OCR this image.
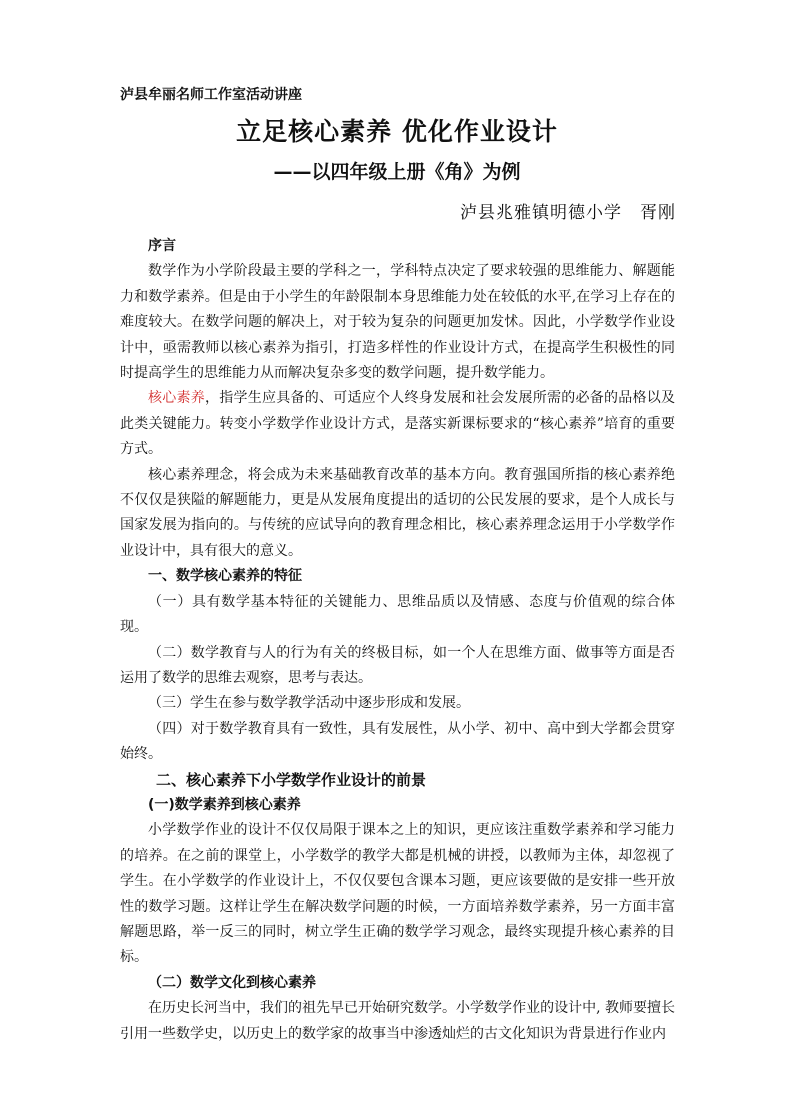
泸县牟丽名师工作室活动讲座
立足核心素养 优化作业设计
——以四年级上册《角》为例
泸县兆雅镇明德小学　胥刚

序言

数学作为小学阶段最主要的学科之一，学科特点决定了要求较强的思维能力、解题能力和数学素养。但是由于小学生的年龄限制本身思维能力处在较低的水平,在学习上存在的难度较大。在数学问题的解决上，对于较为复杂的问题更加发怵。因此，小学数学作业设计中，亟需教师以核心素养为指引，打造多样性的作业设计方式，在提高学生积极性的同时提高学生的思维能力从而解决复杂多变的数学问题，提升数学能力。

核心素养，指学生应具备的、可适应个人终身发展和社会发展所需的必备的品格以及此类关键能力。转变小学数学作业设计方式，是落实新课标要求的“核心素养”培育的重要方式。

核心素养理念，将会成为未来基础教育改革的基本方向。教育强国所指的核心素养绝不仅仅是狭隘的解题能力，更是从发展角度提出的适切的公民发展的要求，是个人成长与国家发展为指向的。与传统的应试导向的教育理念相比，核心素养理念运用于小学数学作业设计中，具有很大的意义。

一、数学核心素养的特征

（一）具有数学基本特征的关键能力、思维品质以及情感、态度与价值观的综合体现。

（二）数学教育与人的行为有关的终极目标，如一个人在思维方面、做事等方面是否运用了数学的思维去观察，思考与表达。

（三）学生在参与数学教学活动中逐步形成和发展。

（四）对于数学教育具有一致性，具有发展性，从小学、初中、高中到大学都会贯穿始终。

二、核心素养下小学数学作业设计的前景

(一)数学素养到核心素养

小学数学作业的设计不仅仅局限于课本之上的知识，更应该注重数学素养和学习能力的培养。在之前的课堂上，小学数学的教学大都是机械的讲授，以教师为主体，却忽视了学生。在小学数学的作业设计上，不仅仅要包含课本习题，更应该要做的是安排一些开放性的数学习题。这样让学生在解决数学问题的时候，一方面培养数学素养，另一方面丰富解题思路，举一反三的同时，树立学生正确的数学学习观念，最终实现提升核心素养的目标。

（二）数学文化到核心素养

在历史长河当中，我们的祖先早已开始研究数学。小学数学作业的设计中, 教师要擅长引用一些数学史，以历史上的数学家的故事当中渗透灿烂的古文化知识为背景进行作业内
